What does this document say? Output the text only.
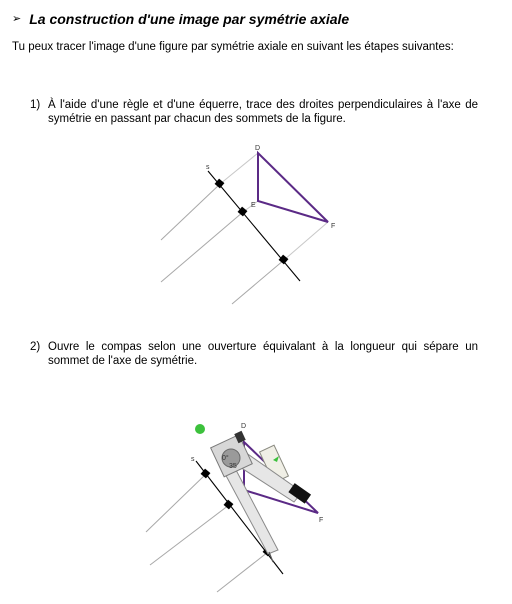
➢ La construction d'une image par symétrie axiale
Tu peux tracer l'image d'une figure par symétrie axiale en suivant les étapes suivantes:
1) À l'aide d'une règle et d'une équerre, trace des droites perpendiculaires à l'axe de symétrie en passant par chacun des sommets de la figure.
s
D
E
F
2) Ouvre le compas selon une ouverture équivalant à la longueur qui sépare un sommet de l'axe de symétrie.
s
D
F
0°
35
